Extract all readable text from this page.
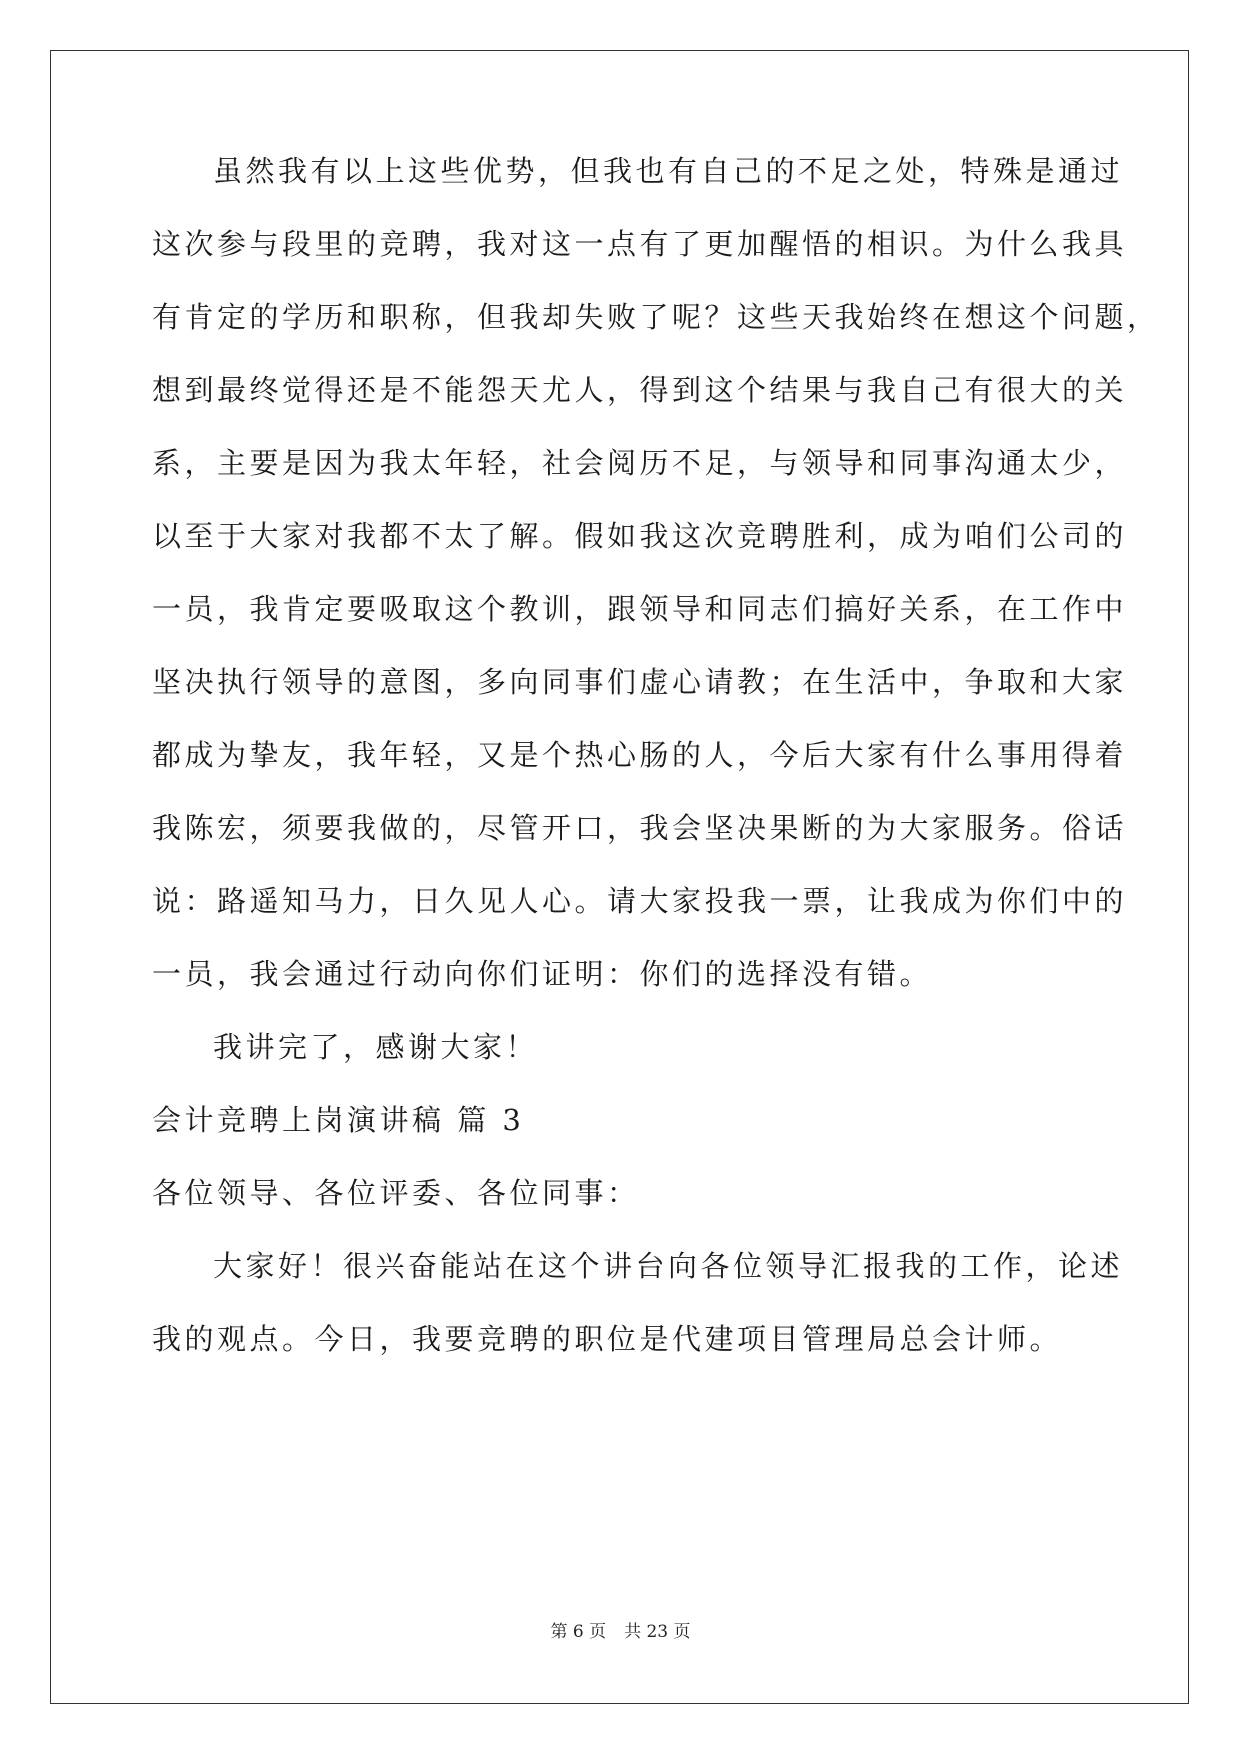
虽然我有以上这些优势，但我也有自己的不足之处，特殊是通过
这次参与段里的竞聘，我对这一点有了更加醒悟的相识。为什么我具
有肯定的学历和职称，但我却失败了呢？这些天我始终在想这个问题，
想到最终觉得还是不能怨天尤人，得到这个结果与我自己有很大的关
系，主要是因为我太年轻，社会阅历不足，与领导和同事沟通太少，
以至于大家对我都不太了解。假如我这次竞聘胜利，成为咱们公司的
一员，我肯定要吸取这个教训，跟领导和同志们搞好关系，在工作中
坚决执行领导的意图，多向同事们虚心请教；在生活中，争取和大家
都成为挚友，我年轻，又是个热心肠的人，今后大家有什么事用得着
我陈宏，须要我做的，尽管开口，我会坚决果断的为大家服务。俗话
说：路遥知马力，日久见人心。请大家投我一票，让我成为你们中的
一员，我会通过行动向你们证明：你们的选择没有错。
我讲完了，感谢大家！
会计竞聘上岗演讲稿 篇 3
各位领导、各位评委、各位同事：
大家好！很兴奋能站在这个讲台向各位领导汇报我的工作，论述
我的观点。今日，我要竞聘的职位是代建项目管理局总会计师。
第 6 页 共 23 页
